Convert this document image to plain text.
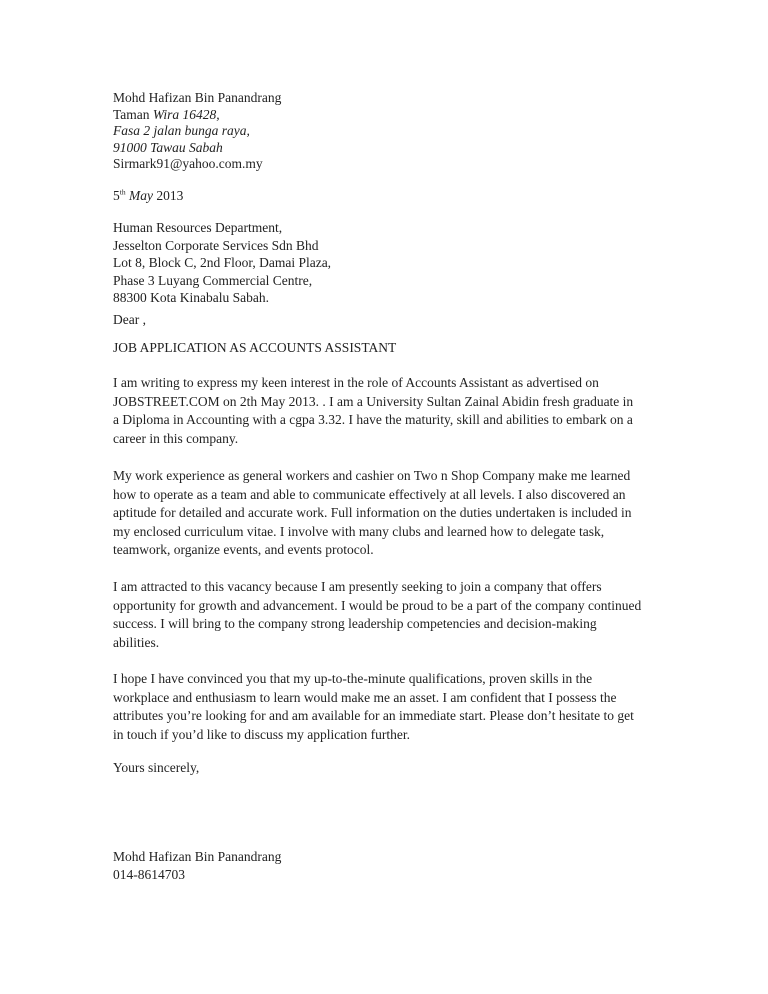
Mohd Hafizan Bin Panandrang
Taman Wira 16428,
Fasa 2 jalan bunga raya,
91000 Tawau Sabah
Sirmark91@yahoo.com.my
5th May 2013
Human Resources Department,
Jesselton Corporate Services Sdn Bhd
Lot 8, Block C, 2nd Floor, Damai Plaza,
Phase 3 Luyang Commercial Centre,
88300 Kota Kinabalu Sabah.
Dear ,
JOB APPLICATION AS ACCOUNTS ASSISTANT
I am writing to express my keen interest in the role of Accounts Assistant as advertised on
JOBSTREET.COM on 2th May 2013. . I am a University Sultan Zainal Abidin fresh graduate in
a Diploma in Accounting with a cgpa 3.32. I have the maturity, skill and abilities to embark on a
career in this company.
My work experience as general workers and cashier on Two n Shop Company make me learned
how to operate as a team and able to communicate effectively at all levels. I also discovered an
aptitude for detailed and accurate work. Full information on the duties undertaken is included in
my enclosed curriculum vitae. I involve with many clubs and learned how to delegate task,
teamwork, organize events, and events protocol.
I am attracted to this vacancy because I am presently seeking to join a company that offers
opportunity for growth and advancement. I would be proud to be a part of the company continued
success. I will bring to the company strong leadership competencies and decision-making
abilities.
I hope I have convinced you that my up-to-the-minute qualifications, proven skills in the
workplace and enthusiasm to learn would make me an asset. I am confident that I possess the
attributes you’re looking for and am available for an immediate start. Please don’t hesitate to get
in touch if you’d like to discuss my application further.
Yours sincerely,
Mohd Hafizan Bin Panandrang
014-8614703
